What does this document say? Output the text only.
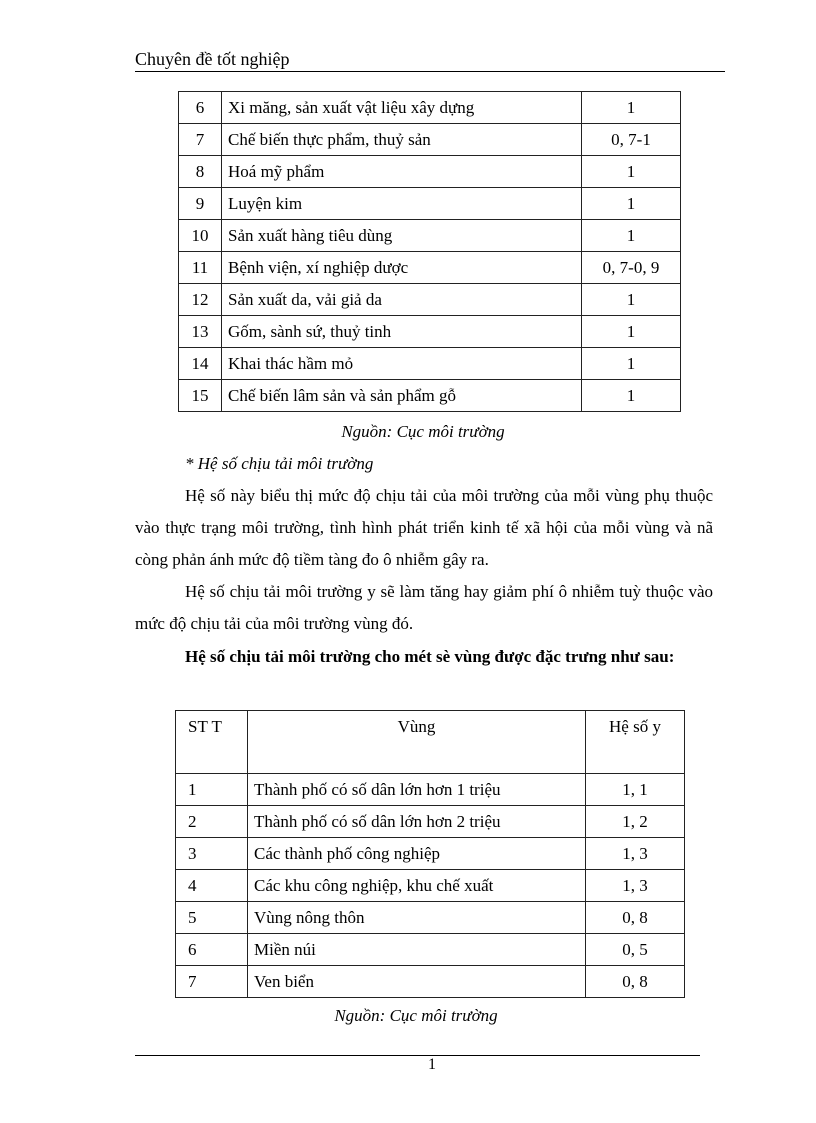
Chuyên đề tốt nghiệp
6	Xi măng, sản xuất vật liệu xây dựng	1
7	Chế biến thực phẩm, thuỷ sản	0, 7-1
8	Hoá mỹ phẩm	1
9	Luyện kim	1
10	Sản xuất hàng tiêu dùng	1
11	Bệnh viện, xí nghiệp dược	0, 7-0, 9
12	Sản xuất da, vải giả da	1
13	Gốm, sành sứ, thuỷ tinh	1
14	Khai thác hầm mỏ	1
15	Chế biến lâm sản và sản phẩm gỗ	1
Nguồn: Cục môi trường
* Hệ số chịu tải môi trường
Hệ số này biểu thị mức độ chịu tải của môi trường của mỗi vùng phụ thuộc vào thực trạng môi trường, tình hình phát triển kinh tế xã hội của mỗi vùng và nã còng phản ánh mức độ tiềm tàng đo ô nhiễm gây ra.
Hệ số chịu tải môi trường y sẽ làm tăng hay giảm phí ô nhiễm tuỳ thuộc vào mức độ chịu tải của môi trường vùng đó.
Hệ số chịu tải môi trường cho mét sè vùng được đặc trưng như sau:
ST T	Vùng	Hệ số y
1	Thành phố có số dân lớn hơn 1 triệu	1, 1
2	Thành phố có số dân lớn hơn 2 triệu	1, 2
3	Các thành phố công nghiệp	1, 3
4	Các khu công nghiệp, khu chế xuất	1, 3
5	Vùng nông thôn	0, 8
6	Miền núi	0, 5
7	Ven biển	0, 8
Nguồn: Cục môi trường
1
